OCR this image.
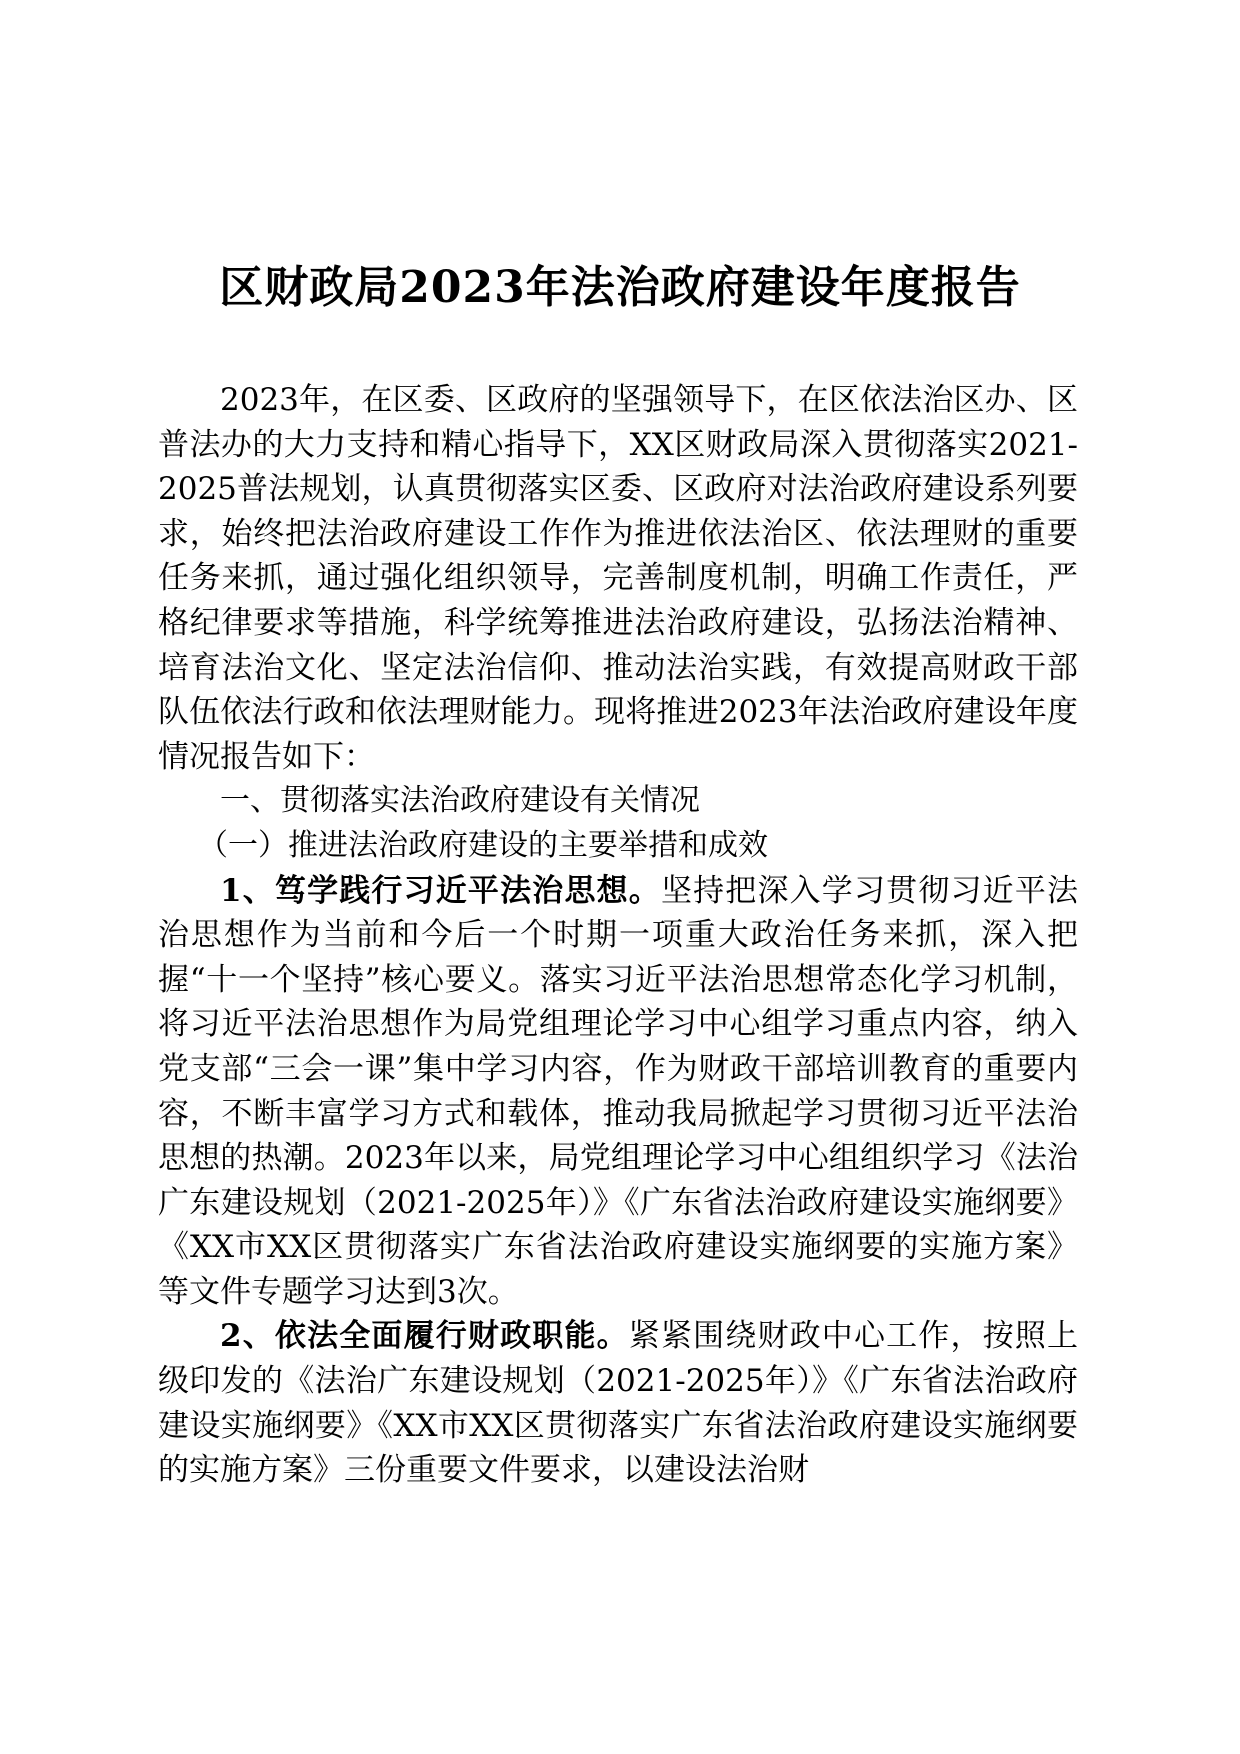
区财政局2023年法治政府建设年度报告

2023年，在区委、区政府的坚强领导下，在区依法治区办、区普法办的大力支持和精心指导下，XX区财政局深入贯彻落实2021-2025普法规划，认真贯彻落实区委、区政府对法治政府建设系列要求，始终把法治政府建设工作作为推进依法治区、依法理财的重要任务来抓，通过强化组织领导，完善制度机制，明确工作责任，严格纪律要求等措施，科学统筹推进法治政府建设，弘扬法治精神、培育法治文化、坚定法治信仰、推动法治实践，有效提高财政干部队伍依法行政和依法理财能力。现将推进2023年法治政府建设年度情况报告如下：

一、贯彻落实法治政府建设有关情况

（一）推进法治政府建设的主要举措和成效

1、笃学践行习近平法治思想。坚持把深入学习贯彻习近平法治思想作为当前和今后一个时期一项重大政治任务来抓，深入把握“十一个坚持”核心要义。落实习近平法治思想常态化学习机制，将习近平法治思想作为局党组理论学习中心组学习重点内容，纳入党支部“三会一课”集中学习内容，作为财政干部培训教育的重要内容，不断丰富学习方式和载体，推动我局掀起学习贯彻习近平法治思想的热潮。2023年以来，局党组理论学习中心组组织学习《法治广东建设规划（2021-2025年）》《广东省法治政府建设实施纲要》《XX市XX区贯彻落实广东省法治政府建设实施纲要的实施方案》等文件专题学习达到3次。

2、依法全面履行财政职能。紧紧围绕财政中心工作，按照上级印发的《法治广东建设规划（2021-2025年）》《广东省法治政府建设实施纲要》《XX市XX区贯彻落实广东省法治政府建设实施纲要的实施方案》三份重要文件要求，以建设法治财
